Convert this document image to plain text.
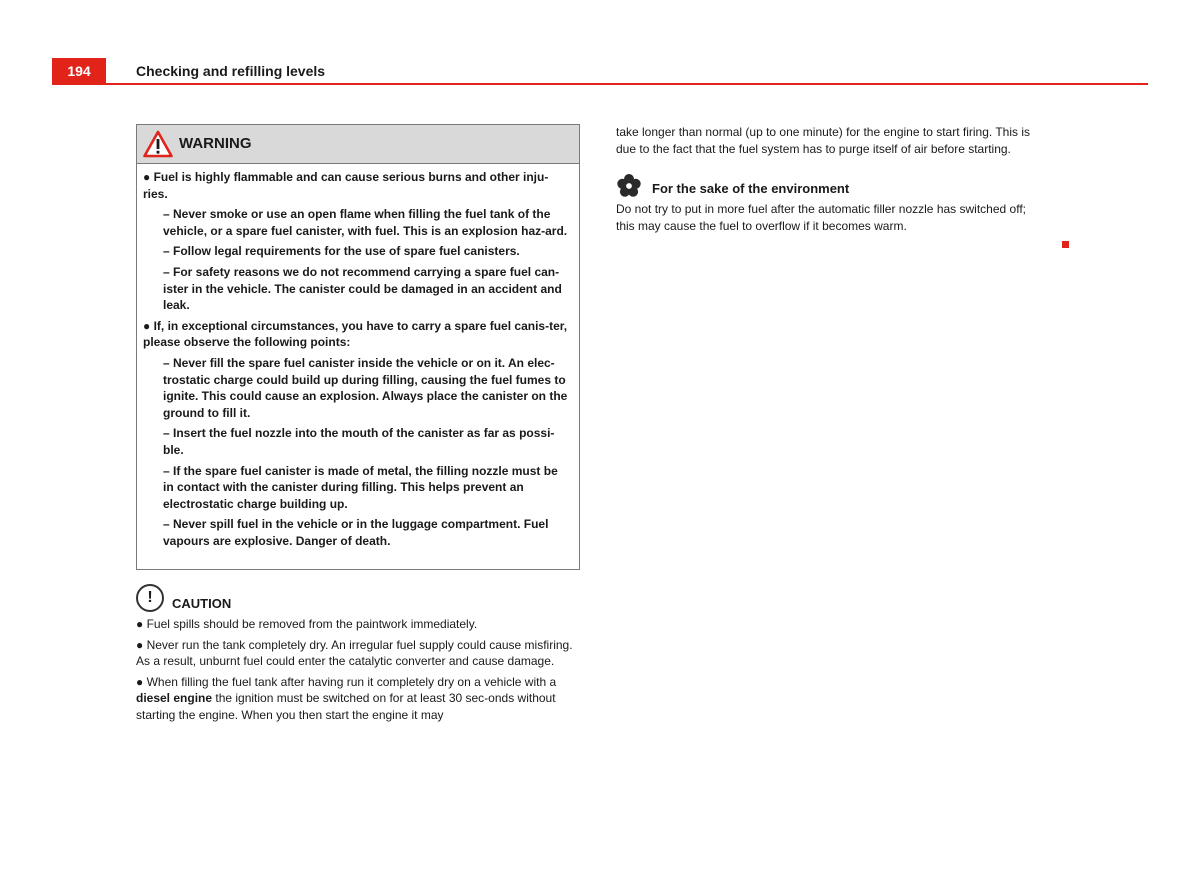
194	Checking and refilling levels
WARNING
● Fuel is highly flammable and can cause serious burns and other inju-ries.
– Never smoke or use an open flame when filling the fuel tank of the vehicle, or a spare fuel canister, with fuel. This is an explosion haz-ard.
– Follow legal requirements for the use of spare fuel canisters.
– For safety reasons we do not recommend carrying a spare fuel can-ister in the vehicle. The canister could be damaged in an accident and leak.
● If, in exceptional circumstances, you have to carry a spare fuel canis-ter, please observe the following points:
– Never fill the spare fuel canister inside the vehicle or on it. An elec-trostatic charge could build up during filling, causing the fuel fumes to ignite. This could cause an explosion. Always place the canister on the ground to fill it.
– Insert the fuel nozzle into the mouth of the canister as far as possi-ble.
– If the spare fuel canister is made of metal, the filling nozzle must be in contact with the canister during filling. This helps prevent an electrostatic charge building up.
– Never spill fuel in the vehicle or in the luggage compartment. Fuel vapours are explosive. Danger of death.
!	CAUTION
● Fuel spills should be removed from the paintwork immediately.
● Never run the tank completely dry. An irregular fuel supply could cause misfiring. As a result, unburnt fuel could enter the catalytic converter and cause damage.
● When filling the fuel tank after having run it completely dry on a vehicle with a diesel engine the ignition must be switched on for at least 30 sec-onds without starting the engine. When you then start the engine it may
take longer than normal (up to one minute) for the engine to start firing. This is due to the fact that the fuel system has to purge itself of air before starting.
For the sake of the environment
Do not try to put in more fuel after the automatic filler nozzle has switched off; this may cause the fuel to overflow if it becomes warm.
